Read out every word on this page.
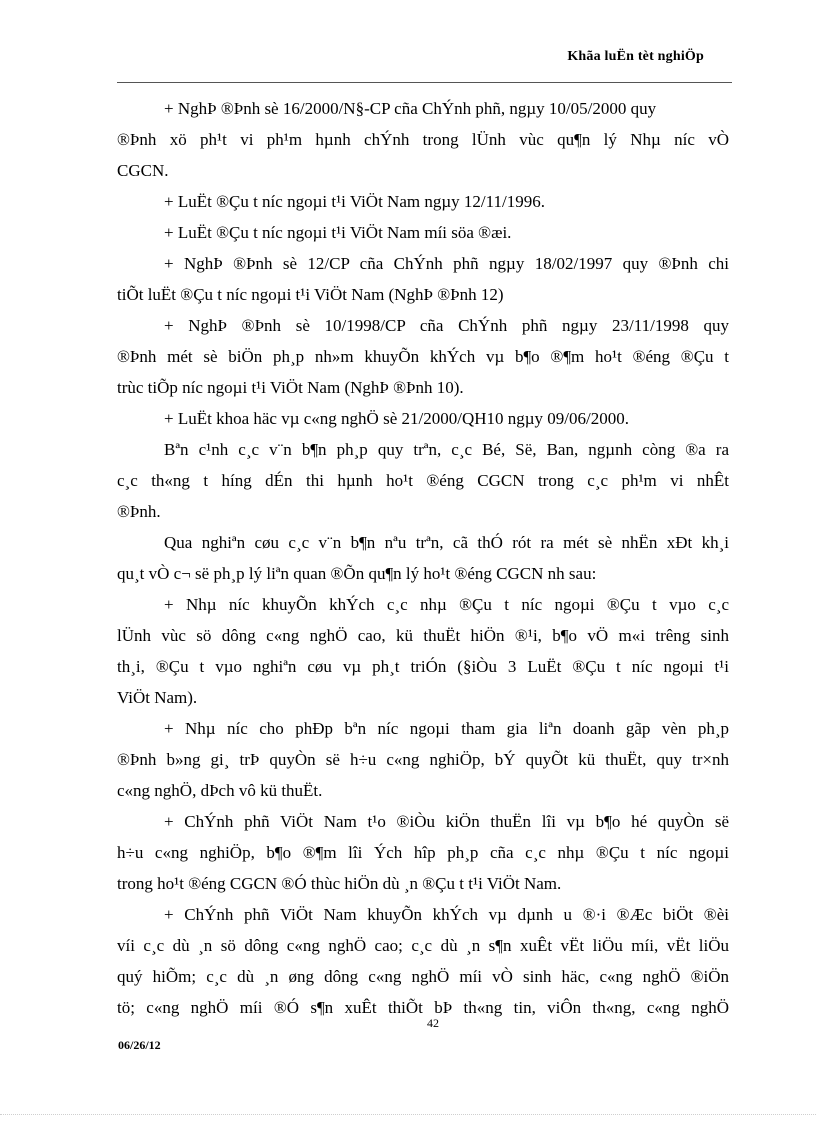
Khãa luËn tèt nghiÖp
+ NghÞ ®Þnh sè 16/2000/N§-CP cña ChÝnh phñ, ngµy 10/05/2000 quy
®Þnh xö ph¹t vi ph¹m hµnh chÝnh trong lÜnh vùc qu¶n lý Nhµ níc vÒ
CGCN.
+ LuËt ®Çu t níc ngoµi t¹i ViÖt Nam ngµy 12/11/1996.
+ LuËt ®Çu t níc ngoµi t¹i ViÖt Nam míi söa ®æi.
+ NghÞ ®Þnh sè 12/CP cña ChÝnh phñ ngµy 18/02/1997 quy ®Þnh chi
tiÕt luËt ®Çu t níc ngoµi t¹i ViÖt Nam (NghÞ ®Þnh 12)
+ NghÞ ®Þnh sè 10/1998/CP cña ChÝnh phñ ngµy 23/11/1998 quy
®Þnh mét sè biÖn ph¸p nh»m khuyÕn khÝch vµ b¶o ®¶m ho¹t ®éng ®Çu t
trùc tiÕp níc ngoµi t¹i ViÖt Nam (NghÞ ®Þnh 10).
+ LuËt khoa häc vµ c«ng nghÖ sè 21/2000/QH10 ngµy 09/06/2000.
Bªn c¹nh c¸c v¨n b¶n ph¸p quy trªn, c¸c Bé, Së, Ban, ngµnh còng ®a ra
c¸c th«ng t híng dÉn thi hµnh ho¹t ®éng CGCN trong c¸c ph¹m vi nhÊt
®Þnh.
Qua nghiªn cøu c¸c v¨n b¶n nªu trªn, cã thÓ rót ra mét sè nhËn xÐt kh¸i
qu¸t vÒ c¬ së ph¸p lý liªn quan ®Õn qu¶n lý ho¹t ®éng CGCN nh sau:
+ Nhµ níc khuyÕn khÝch c¸c nhµ ®Çu t níc ngoµi ®Çu t vµo c¸c
lÜnh vùc sö dông c«ng nghÖ cao, kü thuËt hiÖn ®¹i, b¶o vÖ m«i trêng sinh
th¸i, ®Çu t vµo nghiªn cøu vµ ph¸t triÓn (§iÒu 3 LuËt ®Çu t níc ngoµi t¹i
ViÖt Nam).
+ Nhµ níc cho phÐp bªn níc ngoµi tham gia liªn doanh gãp vèn ph¸p
®Þnh b»ng gi¸ trÞ quyÒn së h÷u c«ng nghiÖp, bÝ quyÕt kü thuËt, quy tr×nh
c«ng nghÖ, dÞch vô kü thuËt.
+ ChÝnh phñ ViÖt Nam t¹o ®iÒu kiÖn thuËn lîi vµ b¶o hé quyÒn së
h÷u c«ng nghiÖp, b¶o ®¶m lîi Ých hîp ph¸p cña c¸c nhµ ®Çu t níc ngoµi
trong ho¹t ®éng CGCN ®Ó thùc hiÖn dù ¸n ®Çu t t¹i ViÖt Nam.
+ ChÝnh phñ ViÖt Nam khuyÕn khÝch vµ dµnh u ®·i ®Æc biÖt ®èi
víi c¸c dù ¸n sö dông c«ng nghÖ cao; c¸c dù ¸n s¶n xuÊt vËt liÖu míi, vËt liÖu
quý hiÕm; c¸c dù ¸n øng dông c«ng nghÖ míi vÒ sinh häc, c«ng nghÖ ®iÖn
tö; c«ng nghÖ míi ®Ó s¶n xuÊt thiÕt bÞ th«ng tin, viÔn th«ng, c«ng nghÖ
42
06/26/12
